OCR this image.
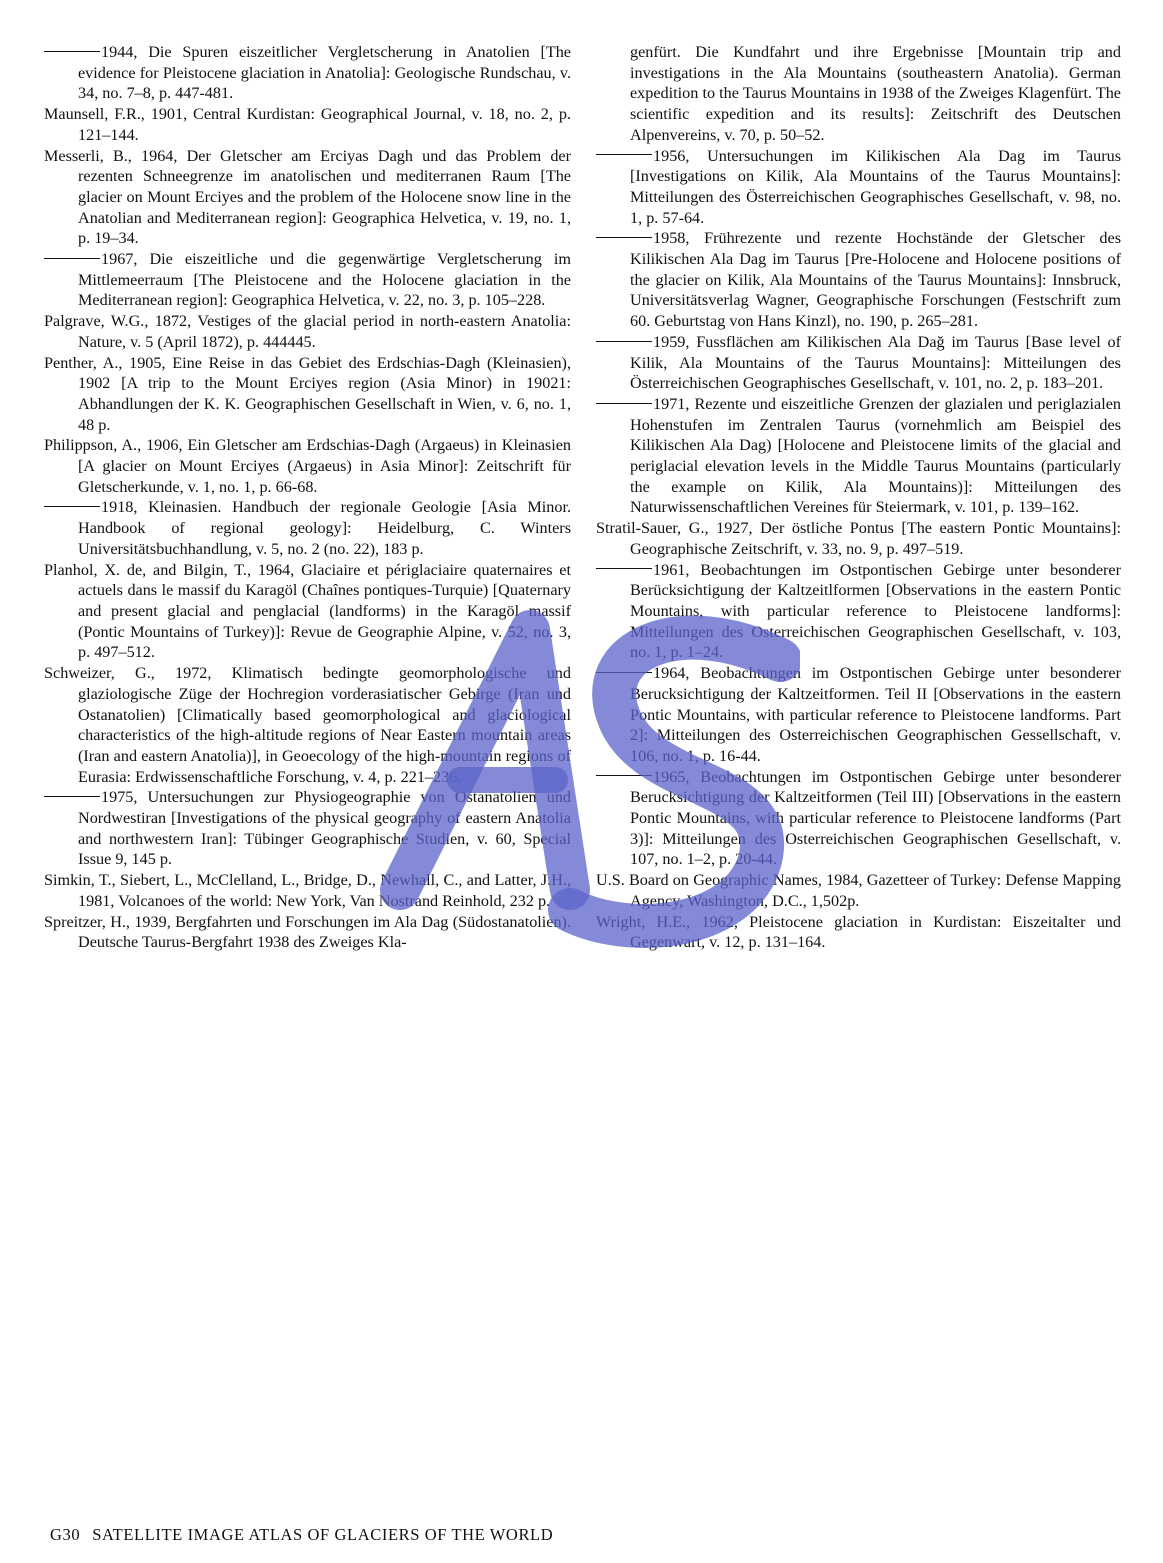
1944, Die Spuren eiszeitlicher Vergletscherung in Anatolien [The evidence for Pleistocene glaciation in Anatolia]: Geologische Rundschau, v. 34, no. 7–8, p. 447-481.

Maunsell, F.R., 1901, Central Kurdistan: Geographical Journal, v. 18, no. 2, p. 121–144.

Messerli, B., 1964, Der Gletscher am Erciyas Dagh und das Problem der rezenten Schneegrenze im anatolischen und mediterranen Raum [The glacier on Mount Erciyes and the problem of the Holocene snow line in the Anatolian and Mediterranean region]: Geographica Helvetica, v. 19, no. 1, p. 19–34.

1967, Die eiszeitliche und die gegenwärtige Vergletscherung im Mittlemeerraum [The Pleistocene and the Holocene glaciation in the Mediterranean region]: Geographica Helvetica, v. 22, no. 3, p. 105–228.

Palgrave, W.G., 1872, Vestiges of the glacial period in north-eastern Anatolia: Nature, v. 5 (April 1872), p. 444445.

Penther, A., 1905, Eine Reise in das Gebiet des Erdschias-Dagh (Kleinasien), 1902 [A trip to the Mount Erciyes region (Asia Minor) in 19021: Abhandlungen der K. K. Geographischen Gesellschaft in Wien, v. 6, no. 1, 48 p.

Philippson, A., 1906, Ein Gletscher am Erdschias-Dagh (Argaeus) in Kleinasien [A glacier on Mount Erciyes (Argaeus) in Asia Minor]: Zeitschrift für Gletscherkunde, v. 1, no. 1, p. 66-68.

1918, Kleinasien. Handbuch der regionale Geologie [Asia Minor. Handbook of regional geology]: Heidelburg, C. Winters Universitätsbuchhandlung, v. 5, no. 2 (no. 22), 183 p.

Planhol, X. de, and Bilgin, T., 1964, Glaciaire et périglaciaire quaternaires et actuels dans le massif du Karagöl (Chaînes pontiques-Turquie) [Quaternary and present glacial and penglacial (landforms) in the Karagöl massif (Pontic Mountains of Turkey)]: Revue de Geographie Alpine, v. 52, no. 3, p. 497–512.

Schweizer, G., 1972, Klimatisch bedingte geomorphologische und glaziologische Züge der Hochregion vorderasiatischer Gebirge (Iran und Ostanatolien) [Climatically based geomorphological and glaciological characteristics of the high-altitude regions of Near Eastern mountain areas (Iran and eastern Anatolia)], in Geoecology of the high-mountain regions of Eurasia: Erdwissenschaftliche Forschung, v. 4, p. 221–236.

1975, Untersuchungen zur Physiogeographie von Ostanatolien und Nordwestiran [Investigations of the physical geography of eastern Anatolia and northwestern Iran]: Tübinger Geographische Studien, v. 60, Special Issue 9, 145 p.

Simkin, T., Siebert, L., McClelland, L., Bridge, D., Newhall, C., and Latter, J.H., 1981, Volcanoes of the world: New York, Van Nostrand Reinhold, 232 p.

Spreitzer, H., 1939, Bergfahrten und Forschungen im Ala Dag (Südostanatolien). Deutsche Taurus-Bergfahrt 1938 des Zweiges Kla-

genfürt. Die Kundfahrt und ihre Ergebnisse [Mountain trip and investigations in the Ala Mountains (southeastern Anatolia). German expedition to the Taurus Mountains in 1938 of the Zweiges Klagenfürt. The scientific expedition and its results]: Zeitschrift des Deutschen Alpenvereins, v. 70, p. 50–52.

1956, Untersuchungen im Kilikischen Ala Dag im Taurus [Investigations on Kilik, Ala Mountains of the Taurus Mountains]: Mitteilungen des Österreichischen Geographisches Gesellschaft, v. 98, no. 1, p. 57-64.

1958, Frührezente und rezente Hochstände der Gletscher des Kilikischen Ala Dag im Taurus [Pre-Holocene and Holocene positions of the glacier on Kilik, Ala Mountains of the Taurus Mountains]: Innsbruck, Universitätsverlag Wagner, Geographische Forschungen (Festschrift zum 60. Geburtstag von Hans Kinzl), no. 190, p. 265–281.

1959, Fussflächen am Kilikischen Ala Dağ im Taurus [Base level of Kilik, Ala Mountains of the Taurus Mountains]: Mitteilungen des Österreichischen Geographisches Gesellschaft, v. 101, no. 2, p. 183–201.

1971, Rezente und eiszeitliche Grenzen der glazialen und periglazialen Hohenstufen im Zentralen Taurus (vornehmlich am Beispiel des Kilikischen Ala Dag) [Holocene and Pleistocene limits of the glacial and periglacial elevation levels in the Middle Taurus Mountains (particularly the example on Kilik, Ala Mountains)]: Mitteilungen des Naturwissenschaftlichen Vereines für Steiermark, v. 101, p. 139–162.

Stratil-Sauer, G., 1927, Der östliche Pontus [The eastern Pontic Mountains]: Geographische Zeitschrift, v. 33, no. 9, p. 497–519.

1961, Beobachtungen im Ostpontischen Gebirge unter besonderer Berücksichtigung der Kaltzeitlformen [Observations in the eastern Pontic Mountains, with particular reference to Pleistocene landforms]: Mitteilungen des Osterreichischen Geographischen Gesellschaft, v. 103, no. 1, p. 1–24.

1964, Beobachtungen im Ostpontischen Gebirge unter besonderer Berucksichtigung der Kaltzeitformen. Teil II [Observations in the eastern Pontic Mountains, with particular reference to Pleistocene landforms. Part 2]: Mitteilungen des Osterreichischen Geographischen Gessellschaft, v. 106, no. 1, p. 16-44.

1965, Beobachtungen im Ostpontischen Gebirge unter besonderer Berucksichtigung der Kaltzeitformen (Teil III) [Observations in the eastern Pontic Mountains, with particular reference to Pleistocene landforms (Part 3)]: Mitteilungen des Osterreichischen Geographischen Gesellschaft, v. 107, no. 1–2, p. 20-44.

U.S. Board on Geographic Names, 1984, Gazetteer of Turkey: Defense Mapping Agency, Washington, D.C., 1,502p.

Wright, H.E., 1962, Pleistocene glaciation in Kurdistan: Eiszeitalter und Gegenwart, v. 12, p. 131–164.

G30 SATELLITE IMAGE ATLAS OF GLACIERS OF THE WORLD
